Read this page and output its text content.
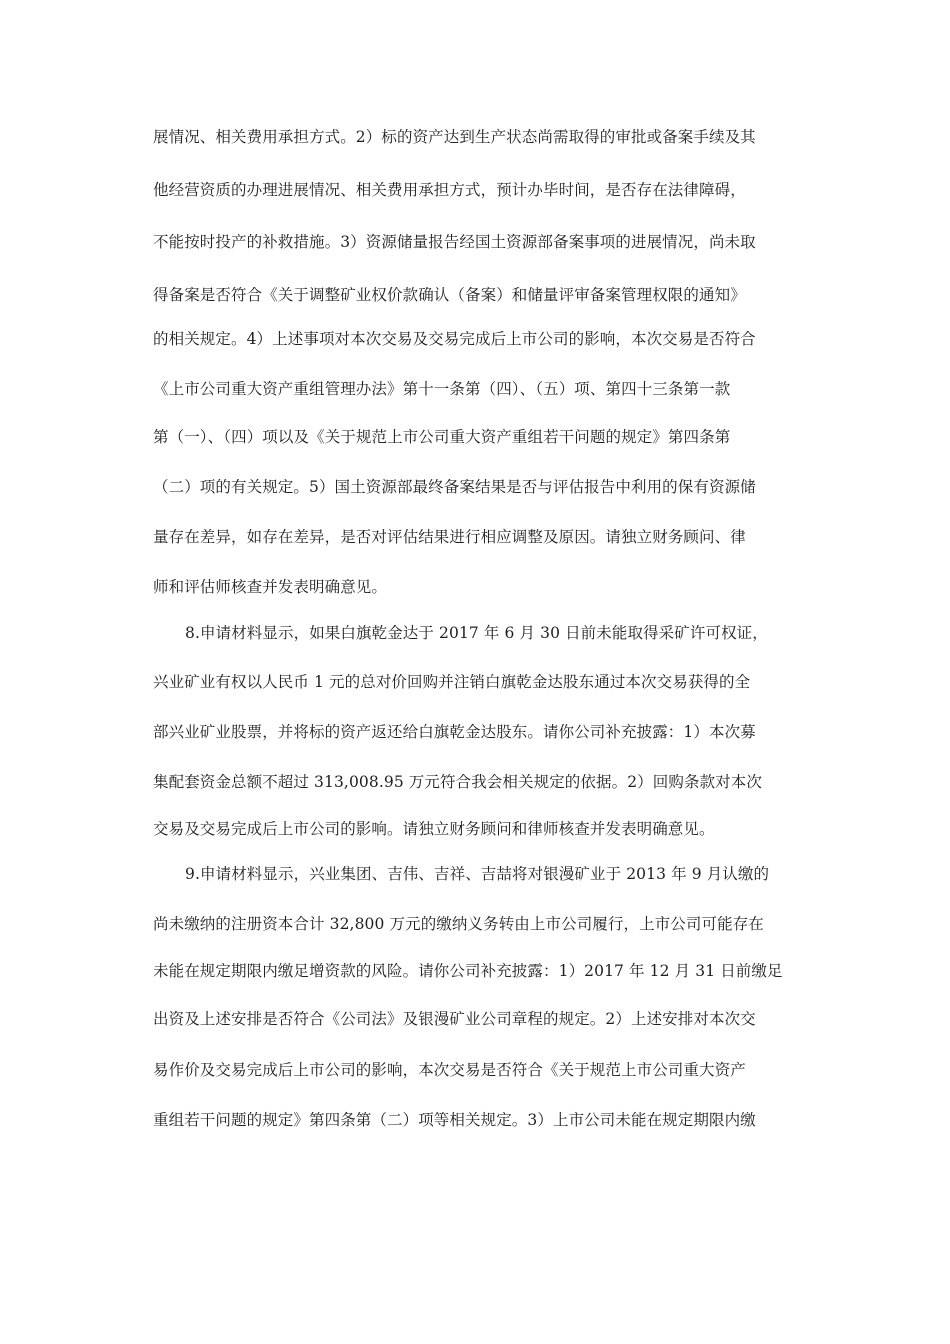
展情况、相关费用承担方式。2）标的资产达到生产状态尚需取得的审批或备案手续及其
他经营资质的办理进展情况、相关费用承担方式，预计办毕时间，是否存在法律障碍，
不能按时投产的补救措施。3）资源储量报告经国土资源部备案事项的进展情况，尚未取
得备案是否符合《关于调整矿业权价款确认（备案）和储量评审备案管理权限的通知》
的相关规定。4）上述事项对本次交易及交易完成后上市公司的影响，本次交易是否符合
《上市公司重大资产重组管理办法》第十一条第（四）、（五）项、第四十三条第一款
第（一）、（四）项以及《关于规范上市公司重大资产重组若干问题的规定》第四条第
（二）项的有关规定。5）国土资源部最终备案结果是否与评估报告中利用的保有资源储
量存在差异，如存在差异，是否对评估结果进行相应调整及原因。请独立财务顾问、律
师和评估师核查并发表明确意见。
8.申请材料显示，如果白旗乾金达于 2017 年 6 月 30 日前未能取得采矿许可权证，
兴业矿业有权以人民币 1 元的总对价回购并注销白旗乾金达股东通过本次交易获得的全
部兴业矿业股票，并将标的资产返还给白旗乾金达股东。请你公司补充披露：1）本次募
集配套资金总额不超过 313,008.95 万元符合我会相关规定的依据。2）回购条款对本次
交易及交易完成后上市公司的影响。请独立财务顾问和律师核查并发表明确意见。
9.申请材料显示，兴业集团、吉伟、吉祥、吉喆将对银漫矿业于 2013 年 9 月认缴的
尚未缴纳的注册资本合计 32,800 万元的缴纳义务转由上市公司履行，上市公司可能存在
未能在规定期限内缴足增资款的风险。请你公司补充披露：1）2017 年 12 月 31 日前缴足
出资及上述安排是否符合《公司法》及银漫矿业公司章程的规定。2）上述安排对本次交
易作价及交易完成后上市公司的影响，本次交易是否符合《关于规范上市公司重大资产
重组若干问题的规定》第四条第（二）项等相关规定。3）上市公司未能在规定期限内缴
